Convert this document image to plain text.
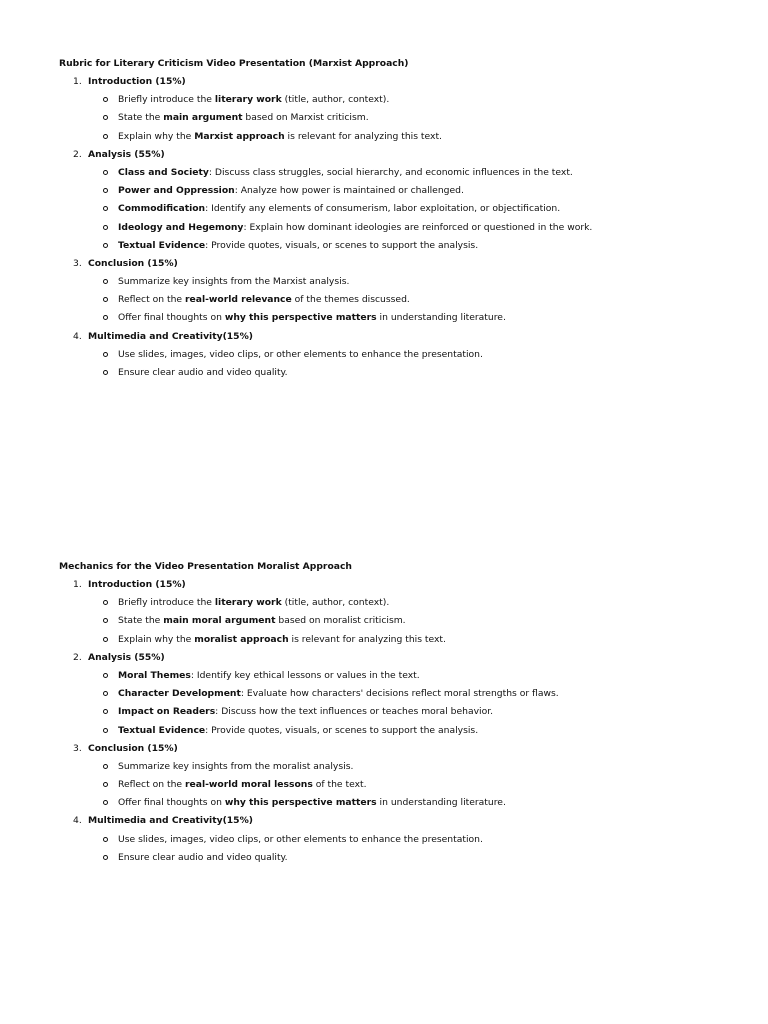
Rubric for Literary Criticism Video Presentation (Marxist Approach)
1. Introduction (15%)
Briefly introduce the literary work (title, author, context).
State the main argument based on Marxist criticism.
Explain why the Marxist approach is relevant for analyzing this text.
2. Analysis (55%)
Class and Society: Discuss class struggles, social hierarchy, and economic influences in the text.
Power and Oppression: Analyze how power is maintained or challenged.
Commodification: Identify any elements of consumerism, labor exploitation, or objectification.
Ideology and Hegemony: Explain how dominant ideologies are reinforced or questioned in the work.
Textual Evidence: Provide quotes, visuals, or scenes to support the analysis.
3. Conclusion (15%)
Summarize key insights from the Marxist analysis.
Reflect on the real-world relevance of the themes discussed.
Offer final thoughts on why this perspective matters in understanding literature.
4. Multimedia and Creativity(15%)
Use slides, images, video clips, or other elements to enhance the presentation.
Ensure clear audio and video quality.
Mechanics for the Video Presentation Moralist Approach
1. Introduction (15%)
Briefly introduce the literary work (title, author, context).
State the main moral argument based on moralist criticism.
Explain why the moralist approach is relevant for analyzing this text.
2. Analysis (55%)
Moral Themes: Identify key ethical lessons or values in the text.
Character Development: Evaluate how characters' decisions reflect moral strengths or flaws.
Impact on Readers: Discuss how the text influences or teaches moral behavior.
Textual Evidence: Provide quotes, visuals, or scenes to support the analysis.
3. Conclusion (15%)
Summarize key insights from the moralist analysis.
Reflect on the real-world moral lessons of the text.
Offer final thoughts on why this perspective matters in understanding literature.
4. Multimedia and Creativity(15%)
Use slides, images, video clips, or other elements to enhance the presentation.
Ensure clear audio and video quality.
